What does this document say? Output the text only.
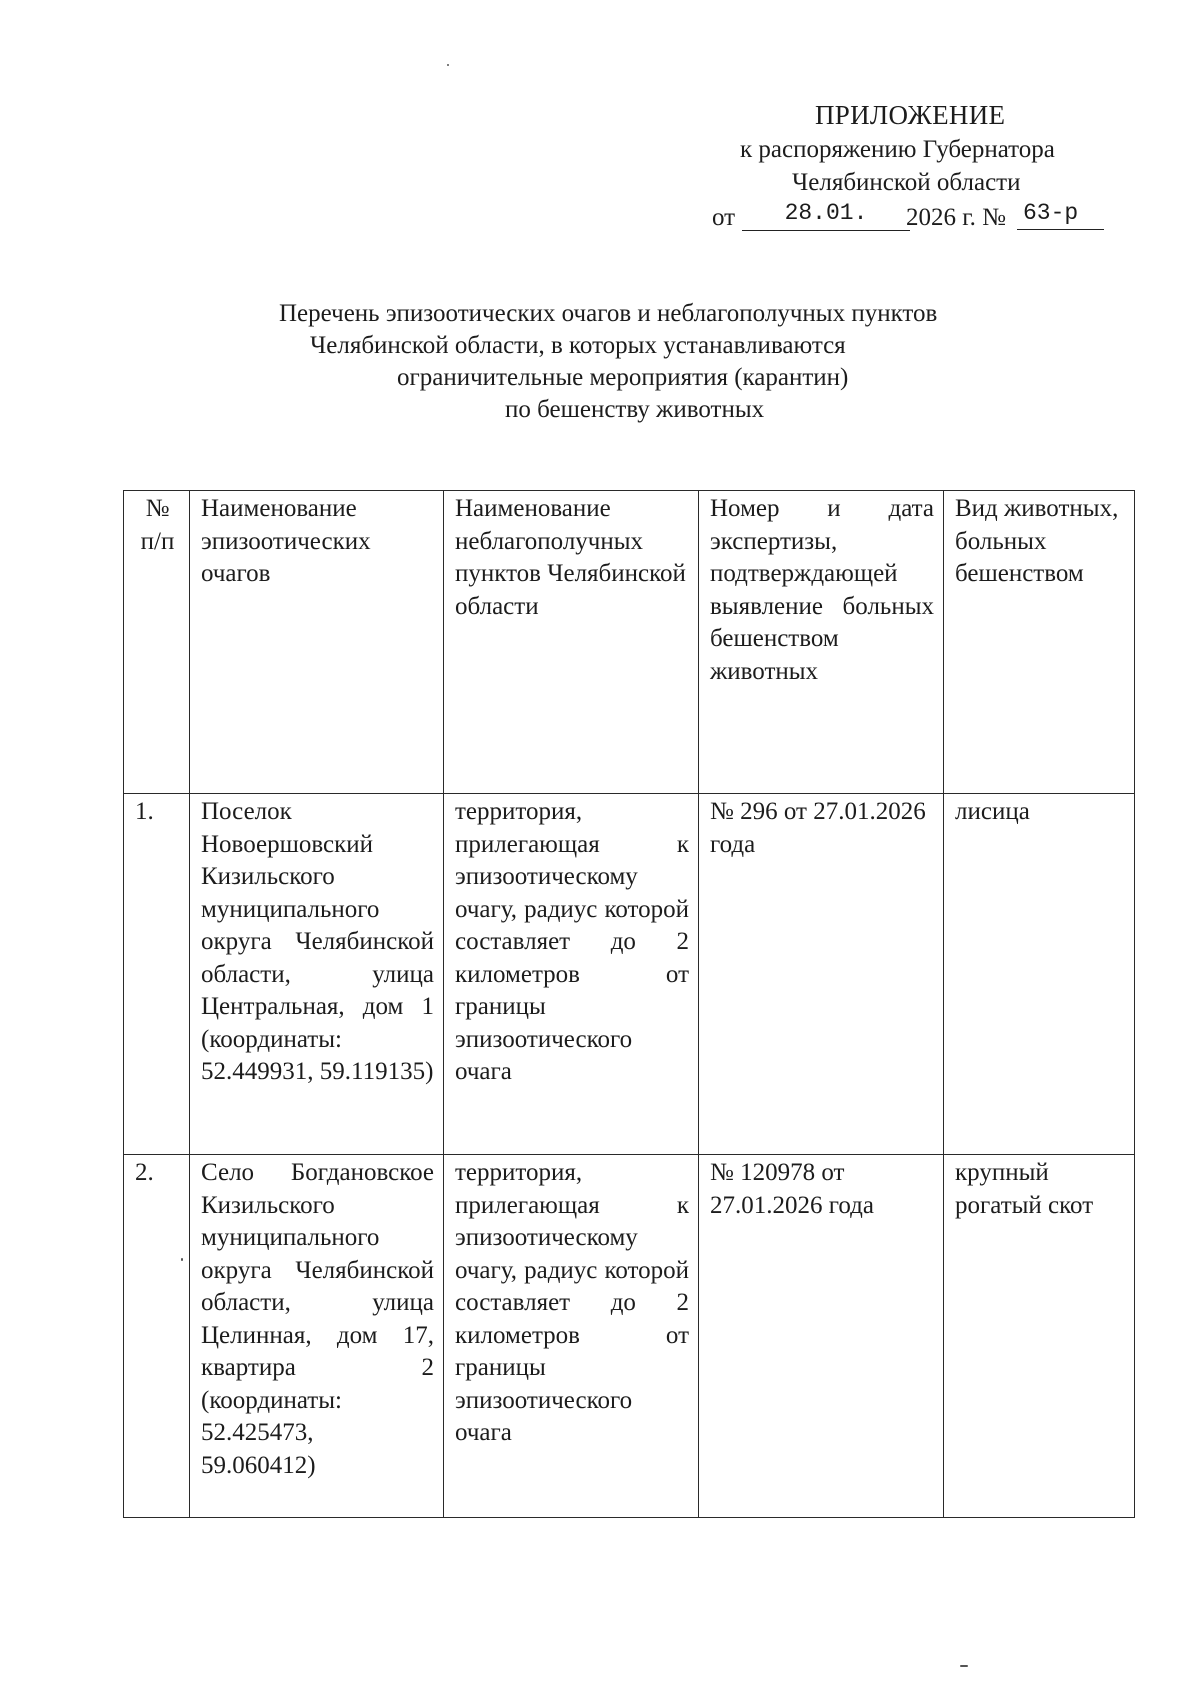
ПРИЛОЖЕНИЕ
к распоряжению Губернатора
Челябинской области
от	28.01.	2026 г. № 63-р
Перечень эпизоотических очагов и неблагополучных пунктов
Челябинской области, в которых устанавливаются
ограничительные мероприятия (карантин)
по бешенству животных
№ п/п	Наименование эпизоотических очагов	Наименование неблагополучных пунктов Челябинской области	Номер и дата экспертизы, подтверждающей выявление больных бешенством животных	Вид животных, больных бешенством
1.	Поселок Новоершовский Кизильского муниципального округа Челябинской области, улица Центральная, дом 1 (координаты: 52.449931, 59.119135)	территория, прилегающая к эпизоотическому очагу, радиус которой составляет до 2 километров от границы эпизоотического очага	№ 296 от 27.01.2026 года	лисица
2.	Село Богдановское Кизильского муниципального округа Челябинской области, улица Целинная, дом 17, квартира 2 (координаты: 52.425473, 59.060412)	территория, прилегающая к эпизоотическому очагу, радиус которой составляет до 2 километров от границы эпизоотического очага	№ 120978 от 27.01.2026 года	крупный рогатый скот
